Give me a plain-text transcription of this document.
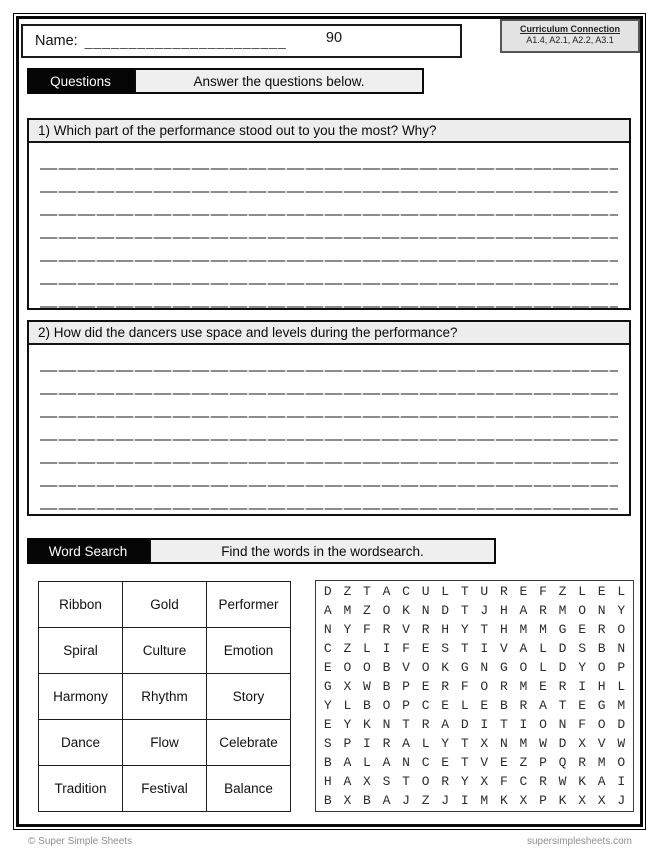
Name: _______________________	90
Curriculum Connection
A1.4, A2.1, A2.2, A3.1
Questions	Answer the questions below.
1) Which part of the performance stood out to you the most? Why?
2) How did the dancers use space and levels during the performance?
Word Search	Find the words in the wordsearch.
Ribbon	Gold	Performer
Spiral	Culture	Emotion
Harmony	Rhythm	Story
Dance	Flow	Celebrate
Tradition	Festival	Balance
D Z T A C U L T U R E F Z L E L
A M Z O K N D T J H A R M O N Y
N Y F R V R H Y T H M M G E R O
C Z L I F E S T I V A L D S B N
E O O B V O K G N G O L D Y O P
G X W B P E R F O R M E R I H L
Y L B O P C E L E B R A T E G M
E Y K N T R A D I T I O N F O D
S P I R A L Y T X N M W D X V W
B A L A N C E T V E Z P Q R M O
H A X S T O R Y X F C R W K A I
B X B A J Z J I M K X P K X X J
© Super Simple Sheets	supersimplesheets.com
